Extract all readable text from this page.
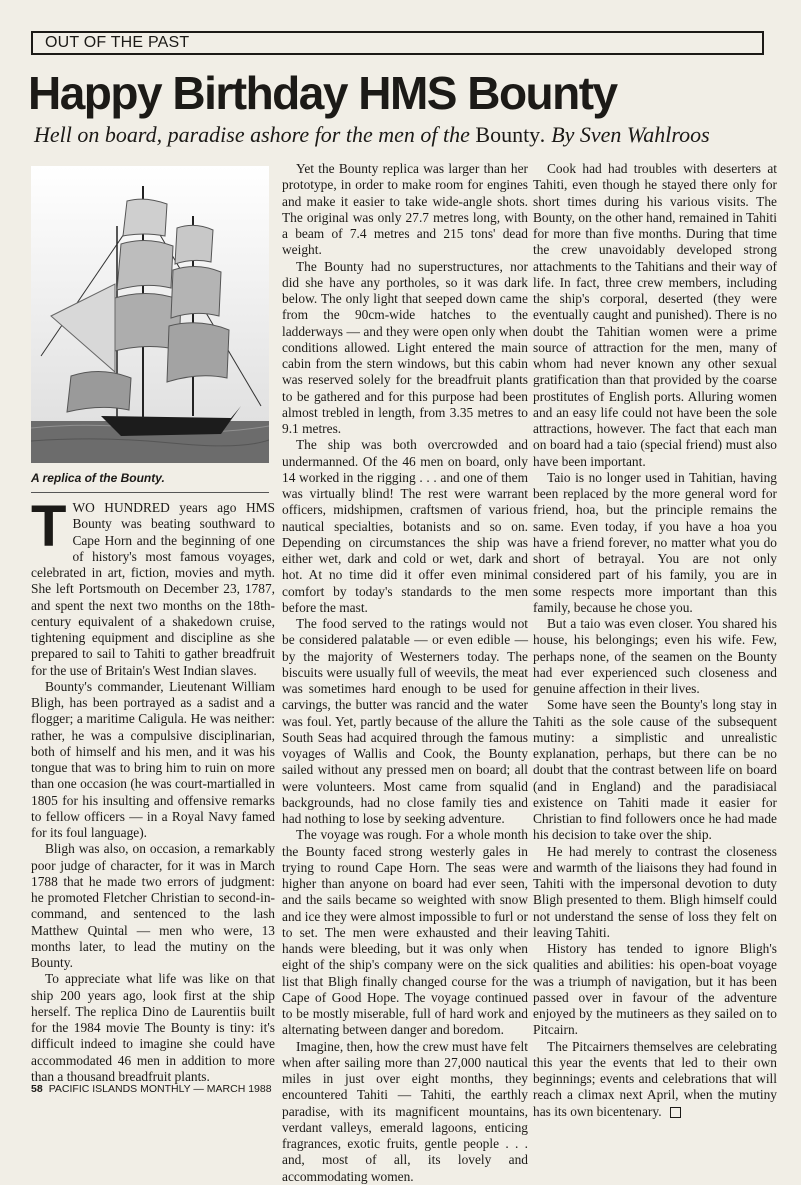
OUT OF THE PAST
Happy Birthday HMS Bounty
Hell on board, paradise ashore for the men of the Bounty. By Sven Wahlroos
A replica of the Bounty.

TWO HUNDRED years ago HMS Bounty was beating southward to Cape Horn and the beginning of one of history's most famous voyages, celebrated in art, fiction, movies and myth. She left Portsmouth on December 23, 1787, and spent the next two months on the 18th-century equivalent of a shakedown cruise, tightening equipment and discipline as she prepared to sail to Tahiti to gather breadfruit for the use of Britain's West Indian slaves.

Bounty's commander, Lieutenant William Bligh, has been portrayed as a sadist and a flogger; a maritime Caligula. He was neither: rather, he was a compulsive disciplinarian, both of himself and his men, and it was his tongue that was to bring him to ruin on more than one occasion (he was court-martialled in 1805 for his insulting and offensive remarks to fellow officers — in a Royal Navy famed for its foul language).

Bligh was also, on occasion, a remarkably poor judge of character, for it was in March 1788 that he made two errors of judgment: he promoted Fletcher Christian to second-in-command, and sentenced to the lash Matthew Quintal — men who were, 13 months later, to lead the mutiny on the Bounty.

To appreciate what life was like on that ship 200 years ago, look first at the ship herself. The replica Dino de Laurentiis built for the 1984 movie The Bounty is tiny: it's difficult indeed to imagine she could have accommodated 46 men in addition to more than a thousand breadfruit plants.

Yet the Bounty replica was larger than her prototype, in order to make room for engines and make it easier to take wide-angle shots. The original was only 27.7 metres long, with a beam of 7.4 metres and 215 tons' dead weight.

The Bounty had no superstructures, nor did she have any portholes, so it was dark below. The only light that seeped down came from the 90cm-wide hatches to the ladderways — and they were open only when conditions allowed. Light entered the main cabin from the stern windows, but this cabin was reserved solely for the breadfruit plants to be gathered and for this purpose had been almost trebled in length, from 3.35 metres to 9.1 metres.

The ship was both overcrowded and undermanned. Of the 46 men on board, only 14 worked in the rigging . . . and one of them was virtually blind! The rest were warrant officers, midshipmen, craftsmen of various nautical specialties, botanists and so on. Depending on circumstances the ship was either wet, dark and cold or wet, dark and hot. At no time did it offer even minimal comfort by today's standards to the men before the mast.

The food served to the ratings would not be considered palatable — or even edible — by the majority of Westerners today. The biscuits were usually full of weevils, the meat was sometimes hard enough to be used for carvings, the butter was rancid and the water was foul. Yet, partly because of the allure the South Seas had acquired through the famous voyages of Wallis and Cook, the Bounty sailed without any pressed men on board; all were volunteers. Most came from squalid backgrounds, had no close family ties and had nothing to lose by seeking adventure.

The voyage was rough. For a whole month the Bounty faced strong westerly gales in trying to round Cape Horn. The seas were higher than anyone on board had ever seen, and the sails became so weighted with snow and ice they were almost impossible to furl or to set. The men were exhausted and their hands were bleeding, but it was only when eight of the ship's company were on the sick list that Bligh finally changed course for the Cape of Good Hope. The voyage continued to be mostly miserable, full of hard work and alternating between danger and boredom.

Imagine, then, how the crew must have felt when after sailing more than 27,000 nautical miles in just over eight months, they encountered Tahiti — Tahiti, the earthly paradise, with its magnificent mountains, verdant valleys, emerald lagoons, enticing fragrances, exotic fruits, gentle people . . . and, most of all, its lovely and accommodating women.

Cook had had troubles with deserters at Tahiti, even though he stayed there only for short times during his various visits. The Bounty, on the other hand, remained in Tahiti for more than five months. During that time the crew unavoidably developed strong attachments to the Tahitians and their way of life. In fact, three crew members, including the ship's corporal, deserted (they were eventually caught and punished). There is no doubt the Tahitian women were a prime source of attraction for the men, many of whom had never known any other sexual gratification than that provided by the coarse prostitutes of English ports. Alluring women and an easy life could not have been the sole attractions, however. The fact that each man on board had a taio (special friend) must also have been important.

Taio is no longer used in Tahitian, having been replaced by the more general word for friend, hoa, but the principle remains the same. Even today, if you have a hoa you have a friend forever, no matter what you do short of betrayal. You are not only considered part of his family, you are in some respects more important than this family, because he chose you.

But a taio was even closer. You shared his house, his belongings; even his wife. Few, perhaps none, of the seamen on the Bounty had ever experienced such closeness and genuine affection in their lives.

Some have seen the Bounty's long stay in Tahiti as the sole cause of the subsequent mutiny: a simplistic and unrealistic explanation, perhaps, but there can be no doubt that the contrast between life on board (and in England) and the paradisiacal existence on Tahiti made it easier for Christian to find followers once he had made his decision to take over the ship.

He had merely to contrast the closeness and warmth of the liaisons they had found in Tahiti with the impersonal devotion to duty Bligh presented to them. Bligh himself could not understand the sense of loss they felt on leaving Tahiti.

History has tended to ignore Bligh's qualities and abilities: his open-boat voyage was a triumph of navigation, but it has been passed over in favour of the adventure enjoyed by the mutineers as they sailed on to Pitcairn.

The Pitcairners themselves are celebrating this year the events that led to their own beginnings; events and celebrations that will reach a climax next April, when the mutiny has its own bicentenary.

58 PACIFIC ISLANDS MONTHLY — MARCH 1988
